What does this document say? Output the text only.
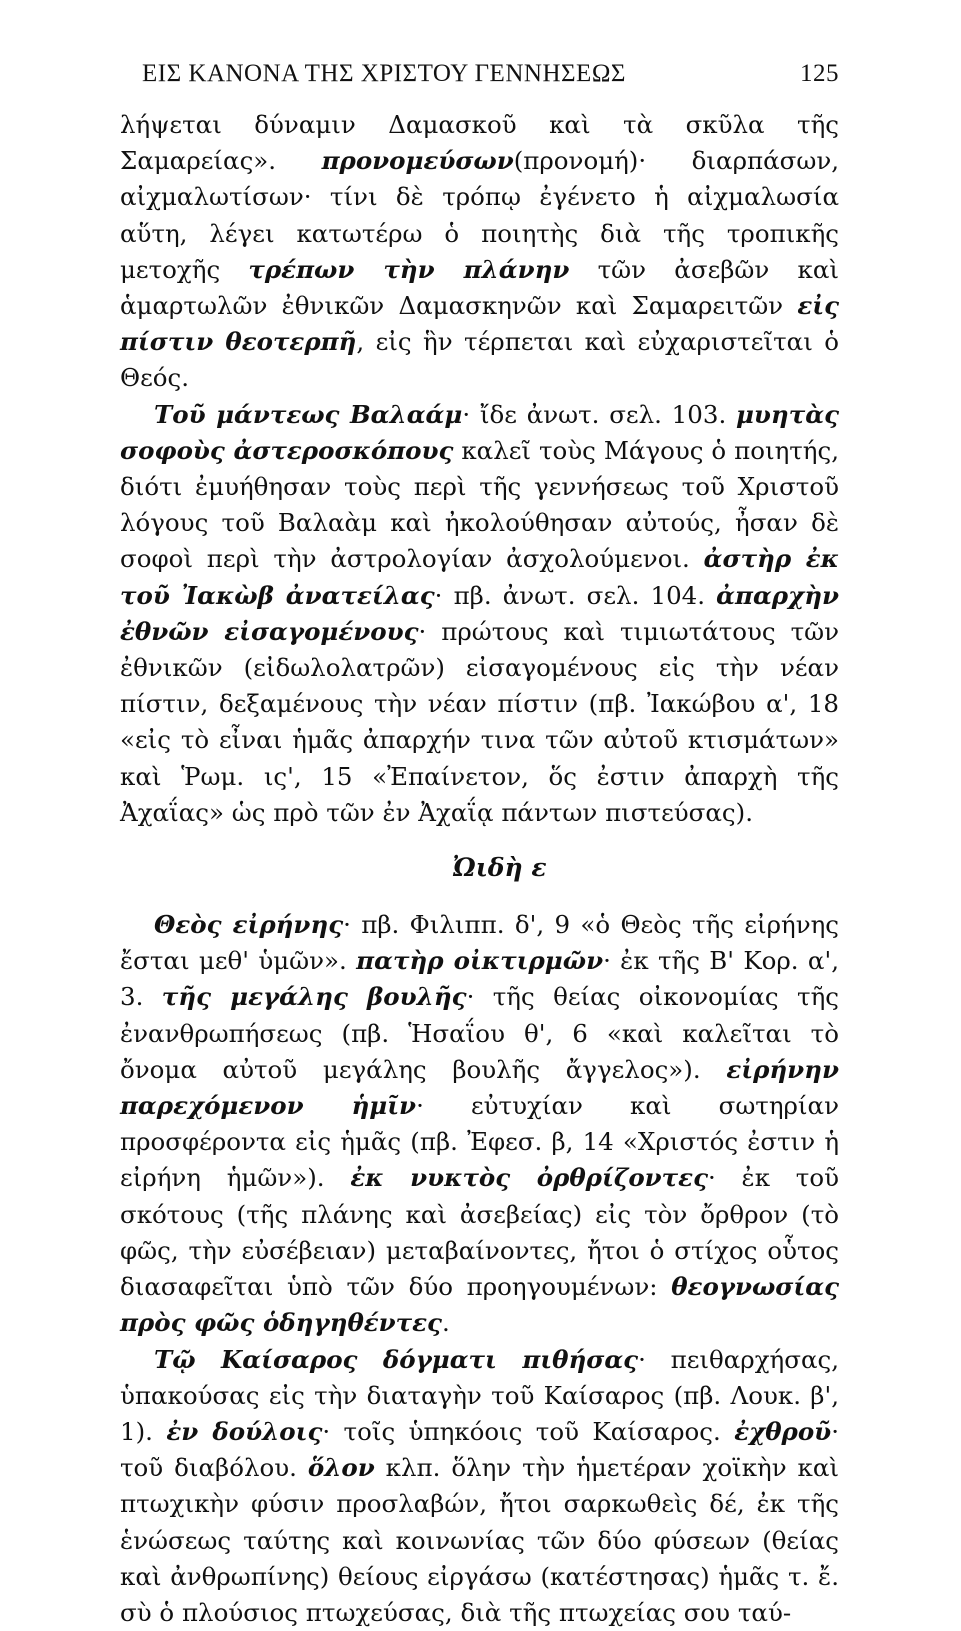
ΕΙΣ ΚΑΝΟΝΑ ΤΗΣ ΧΡΙΣΤΟΥ ΓΕΝΝΗΣΕΩΣ	125

λήψεται δύναμιν Δαμασκοῦ καὶ τὰ σκῦλα τῆς Σαμαρείας». προνομεύσων(προνομή)· διαρπάσων, αἰχμαλωτίσων· τίνι δὲ τρόπῳ ἐγένετο ἡ αἰχμαλωσία αὕτη, λέγει κατωτέρω ὁ ποιητὴς διὰ τῆς τροπικῆς μετοχῆς τρέπων τὴν πλάνην τῶν ἀσεβῶν καὶ ἁμαρτωλῶν ἐθνικῶν Δαμασκηνῶν καὶ Σαμαρειτῶν εἰς πίστιν θεοτερπῆ, εἰς ἣν τέρπεται καὶ εὐχαριστεῖται ὁ Θεός.

Τοῦ μάντεως Βαλαάμ· ἴδε ἀνωτ. σελ. 103. μυητὰς σοφοὺς ἀστεροσκόπους καλεῖ τοὺς Μάγους ὁ ποιητής, διότι ἐμυήθησαν τοὺς περὶ τῆς γεννήσεως τοῦ Χριστοῦ λόγους τοῦ Βαλαὰμ καὶ ἠκολούθησαν αὐτούς, ἦσαν δὲ σοφοὶ περὶ τὴν ἀστρολογίαν ἀσχολούμενοι. ἀστὴρ ἐκ τοῦ Ἰακὼβ ἀνατείλας· πβ. ἀνωτ. σελ. 104. ἀπαρχὴν ἐθνῶν εἰσαγομένους· πρώτους καὶ τιμιωτάτους τῶν ἐθνικῶν (εἰδωλολατρῶν) εἰσαγομένους εἰς τὴν νέαν πίστιν, δεξαμένους τὴν νέαν πίστιν (πβ. Ἰακώβου α', 18 «εἰς τὸ εἶναι ἡμᾶς ἀπαρχήν τινα τῶν αὐτοῦ κτισμάτων» καὶ Ῥωμ. ις', 15 «Ἐπαίνετον, ὅς ἐστιν ἀπαρχὴ τῆς Ἀχαΐας» ὡς πρὸ τῶν ἐν Ἀχαΐᾳ πάντων πιστεύσας).

Ὠιδὴ ε

Θεὸς εἰρήνης· πβ. Φιλιππ. δ', 9 «ὁ Θεὸς τῆς εἰρήνης ἔσται μεθ' ὑμῶν». πατὴρ οἰκτιρμῶν· ἐκ τῆς Β' Κορ. α', 3. τῆς μεγάλης βουλῆς· τῆς θείας οἰκονομίας τῆς ἐνανθρωπήσεως (πβ. Ἡσαΐου θ', 6 «καὶ καλεῖται τὸ ὄνομα αὐτοῦ μεγάλης βουλῆς ἄγγελος»). εἰρήνην παρεχόμενον ἡμῖν· εὐτυχίαν καὶ σωτηρίαν προσφέροντα εἰς ἡμᾶς (πβ. Ἐφεσ. β, 14 «Χριστός ἐστιν ἡ εἰρήνη ἡμῶν»). ἐκ νυκτὸς ὀρθρίζοντες· ἐκ τοῦ σκότους (τῆς πλάνης καὶ ἀσεβείας) εἰς τὸν ὄρθρον (τὸ φῶς, τὴν εὐσέβειαν) μεταβαίνοντες, ἤτοι ὁ στίχος οὗτος διασαφεῖται ὑπὸ τῶν δύο προηγουμένων: θεογνωσίας πρὸς φῶς ὁδηγηθέντες.

Τῷ Καίσαρος δόγματι πιθήσας· πειθαρχήσας, ὑπακούσας εἰς τὴν διαταγὴν τοῦ Καίσαρος (πβ. Λουκ. β', 1). ἐν δούλοις· τοῖς ὑπηκόοις τοῦ Καίσαρος. ἐχθροῦ· τοῦ διαβόλου. ὅλον κλπ. ὅλην τὴν ἡμετέραν χοϊκὴν καὶ πτωχικὴν φύσιν προσλαβών, ἤτοι σαρκωθεὶς δέ, ἐκ τῆς ἑνώσεως ταύτης καὶ κοινωνίας τῶν δύο φύσεων (θείας καὶ ἀνθρωπίνης) θείους εἰργάσω (κατέστησας) ἡμᾶς τ. ἔ. σὺ ὁ πλούσιος πτωχεύσας, διὰ τῆς πτωχείας σου ταύ-
